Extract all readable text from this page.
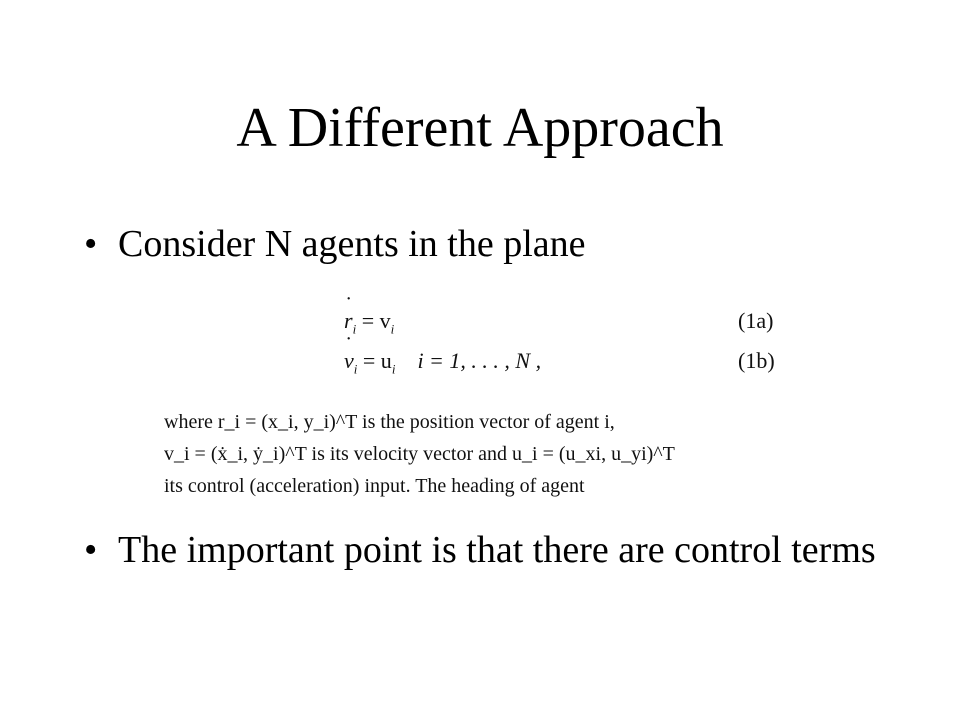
A Different Approach
• Consider N agents in the plane
˙ $r_i = v_i$	(1a)
˙ $v_i = u_i$ i = 1, . . . , N ,	(1b)
where r_i = (x_i, y_i)^T is the position vector of agent i,
v_i = (ẋ_i, ẏ_i)^T is its velocity vector and u_i = (u_xi, u_yi)^T
its control (acceleration) input. The heading of agent
• The important point is that there are control terms
